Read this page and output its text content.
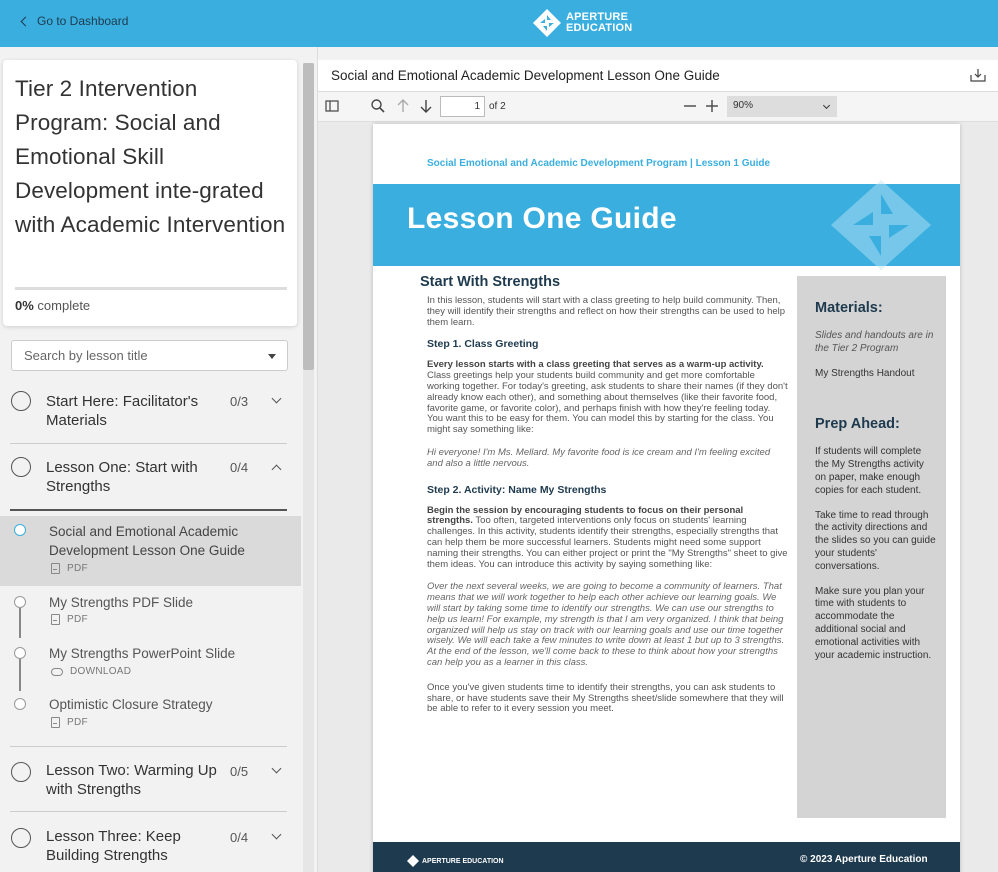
Go to Dashboard	APERTURE
EDUCATION
Tier 2 Intervention Program: Social and Emotional Skill Development inte-grated with Academic Intervention
0% complete
Search by lesson title
Start Here: Facilitator's Materials
0/3
Lesson One: Start with Strengths
0/4
Social and Emotional Academic Development Lesson One Guide
PDF
My Strengths PDF Slide
PDF
My Strengths PowerPoint Slide
DOWNLOAD
Optimistic Closure Strategy
PDF
Lesson Two: Warming Up with Strengths
0/5
Lesson Three: Keep Building Strengths
0/4
Social and Emotional Academic Development Lesson One Guide
1 of 2	90%
Social Emotional and Academic Development Program | Lesson 1 Guide
Lesson One Guide
Start With Strengths
In this lesson, students will start with a class greeting to help build community. Then, they will identify their strengths and reflect on how their strengths can be used to help them learn.
Step 1. Class Greeting
Every lesson starts with a class greeting that serves as a warm-up activity. Class greetings help your students build community and get more comfortable working together. For today's greeting, ask students to share their names (if they don't already know each other), and something about themselves (like their favorite food, favorite game, or favorite color), and perhaps finish with how they're feeling today. You want this to be easy for them. You can model this by starting for the class. You might say something like:
Hi everyone! I'm Ms. Mellard. My favorite food is ice cream and I'm feeling excited and also a little nervous.
Step 2. Activity: Name My Strengths
Begin the session by encouraging students to focus on their personal strengths. Too often, targeted interventions only focus on students' learning challenges. In this activity, students identify their strengths, especially strengths that can help them be more successful learners. Students might need some support naming their strengths. You can either project or print the "My Strengths" sheet to give them ideas. You can introduce this activity by saying something like:
Over the next several weeks, we are going to become a community of learners. That means that we will work together to help each other achieve our learning goals. We will start by taking some time to identify our strengths. We can use our strengths to help us learn! For example, my strength is that I am very organized. I think that being organized will help us stay on track with our learning goals and use our time together wisely. We will each take a few minutes to write down at least 1 but up to 3 strengths. At the end of the lesson, we'll come back to these to think about how your strengths can help you as a learner in this class.
Once you've given students time to identify their strengths, you can ask students to share, or have students save their My Strengths sheet/slide somewhere that they will be able to refer to it every session you meet.
Materials:
Slides and handouts are in the Tier 2 Program
My Strengths Handout
Prep Ahead:
If students will complete the My Strengths activity on paper, make enough copies for each student.
Take time to read through the activity directions and the slides so you can guide your students' conversations.
Make sure you plan your time with students to accommodate the additional social and emotional activities with your academic instruction.
APERTURE EDUCATION	© 2023 Aperture Education
